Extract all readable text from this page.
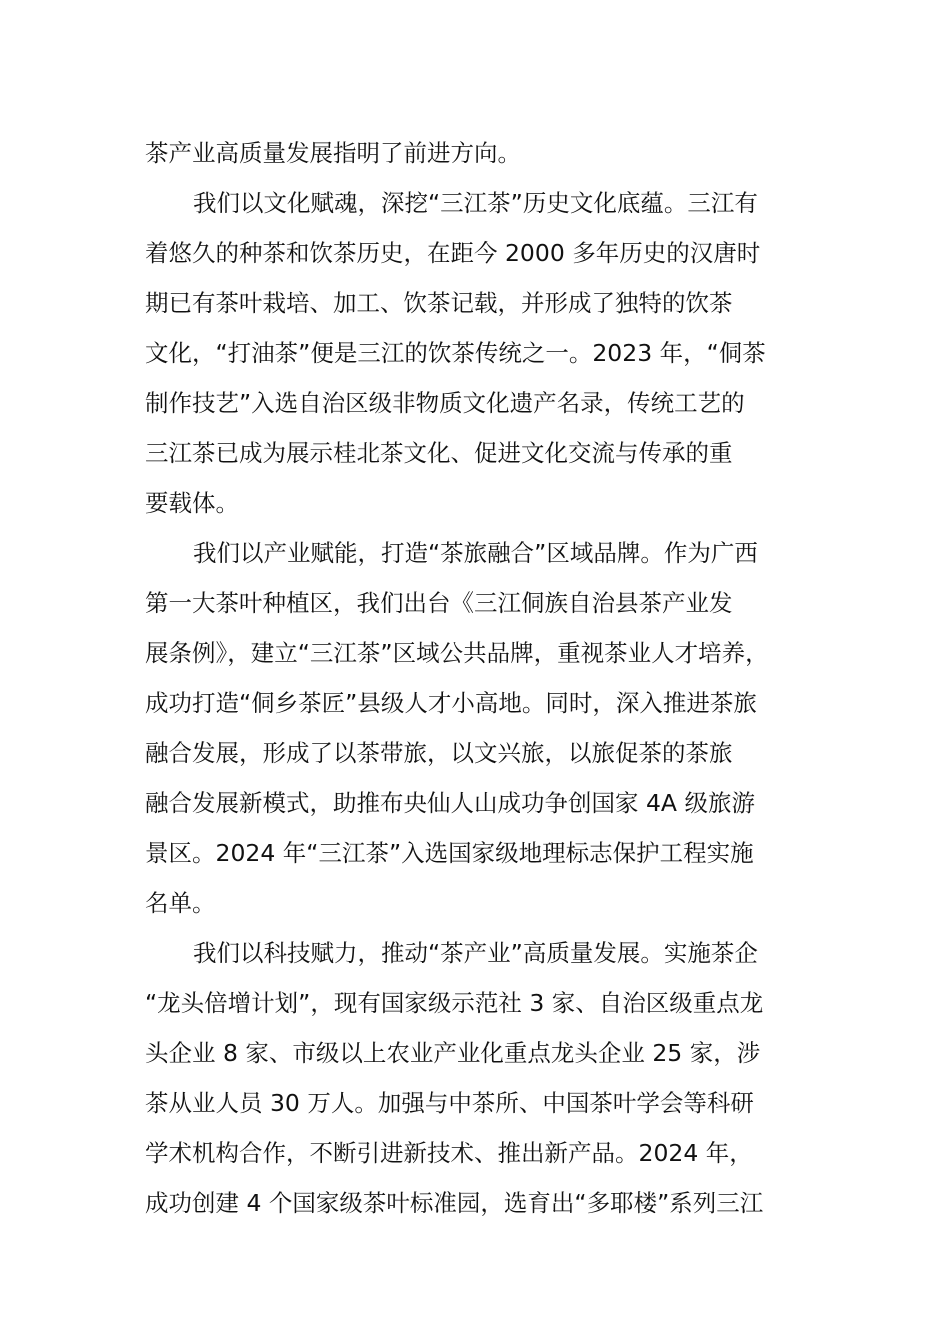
茶产业高质量发展指明了前进方向。
我们以文化赋魂，深挖“三江茶”历史文化底蕴。三江有
着悠久的种茶和饮茶历史，在距今 2000 多年历史的汉唐时
期已有茶叶栽培、加工、饮茶记载，并形成了独特的饮茶
文化，“打油茶”便是三江的饮茶传统之一。2023 年，“侗茶
制作技艺”入选自治区级非物质文化遗产名录，传统工艺的
三江茶已成为展示桂北茶文化、促进文化交流与传承的重
要载体。
我们以产业赋能，打造“茶旅融合”区域品牌。作为广西
第一大茶叶种植区，我们出台《三江侗族自治县茶产业发
展条例》，建立“三江茶”区域公共品牌，重视茶业人才培养，
成功打造“侗乡茶匠”县级人才小高地。同时，深入推进茶旅
融合发展，形成了以茶带旅，以文兴旅，以旅促茶的茶旅
融合发展新模式，助推布央仙人山成功争创国家 4A 级旅游
景区。2024 年“三江茶”入选国家级地理标志保护工程实施
名单。
我们以科技赋力，推动“茶产业”高质量发展。实施茶企
“龙头倍增计划”，现有国家级示范社 3 家、自治区级重点龙
头企业 8 家、市级以上农业产业化重点龙头企业 25 家，涉
茶从业人员 30 万人。加强与中茶所、中国茶叶学会等科研
学术机构合作，不断引进新技术、推出新产品。2024 年，
成功创建 4 个国家级茶叶标准园，选育出“多耶楼”系列三江
